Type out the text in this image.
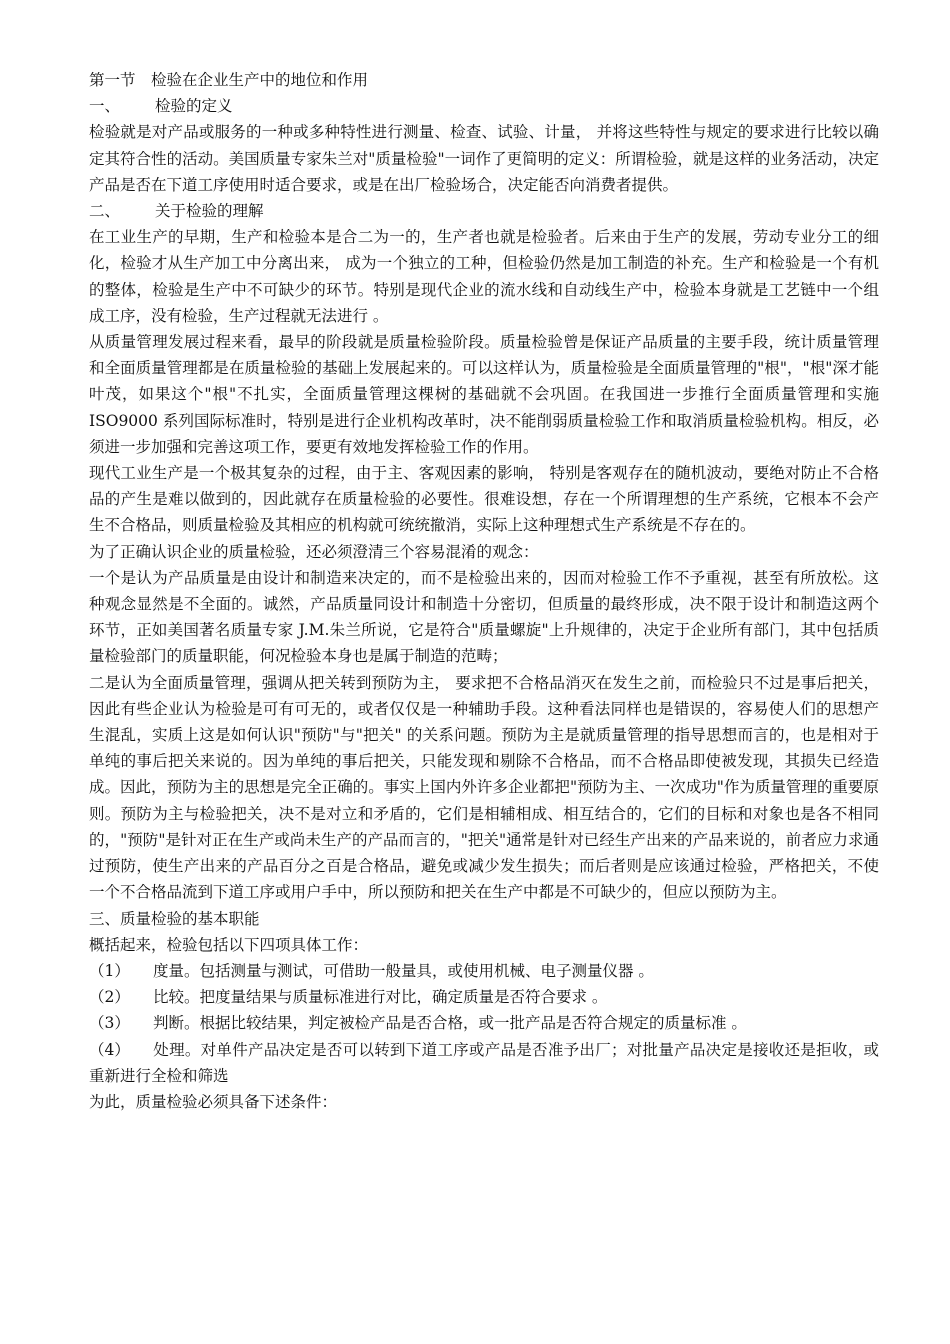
第一节　检验在企业生产中的地位和作用

一、 检验的定义

检验就是对产品或服务的一种或多种特性进行测量、检查、试验、计量， 并将这些特性与规定的要求进行比较以确定其符合性的活动。美国质量专家朱兰对"质量检验"一词作了更简明的定义：所谓检验，就是这样的业务活动，决定产品是否在下道工序使用时适合要求，或是在出厂检验场合，决定能否向消费者提供。

二、 关于检验的理解

在工业生产的早期，生产和检验本是合二为一的，生产者也就是检验者。后来由于生产的发展，劳动专业分工的细化，检验才从生产加工中分离出来， 成为一个独立的工种，但检验仍然是加工制造的补充。生产和检验是一个有机的整体，检验是生产中不可缺少的环节。特别是现代企业的流水线和自动线生产中，检验本身就是工艺链中一个组成工序，没有检验，生产过程就无法进行 。

从质量管理发展过程来看，最早的阶段就是质量检验阶段。质量检验曾是保证产品质量的主要手段，统计质量管理和全面质量管理都是在质量检验的基础上发展起来的。可以这样认为，质量检验是全面质量管理的"根"，"根"深才能叶茂，如果这个"根"不扎实，全面质量管理这棵树的基础就不会巩固。在我国进一步推行全面质量管理和实施 ISO9000 系列国际标准时，特别是进行企业机构改革时，决不能削弱质量检验工作和取消质量检验机构。相反，必须进一步加强和完善这项工作，要更有效地发挥检验工作的作用。

现代工业生产是一个极其复杂的过程，由于主、客观因素的影响， 特别是客观存在的随机波动，要绝对防止不合格品的产生是难以做到的，因此就存在质量检验的必要性。很难设想，存在一个所谓理想的生产系统，它根本不会产生不合格品，则质量检验及其相应的机构就可统统撤消，实际上这种理想式生产系统是不存在的。

为了正确认识企业的质量检验，还必须澄清三个容易混淆的观念：

一个是认为产品质量是由设计和制造来决定的，而不是检验出来的，因而对检验工作不予重视，甚至有所放松。这种观念显然是不全面的。诚然，产品质量同设计和制造十分密切，但质量的最终形成，决不限于设计和制造这两个环节，正如美国著名质量专家 J.M.朱兰所说，它是符合"质量螺旋"上升规律的，决定于企业所有部门，其中包括质量检验部门的质量职能，何况检验本身也是属于制造的范畴；

二是认为全面质量管理，强调从把关转到预防为主， 要求把不合格品消灭在发生之前，而检验只不过是事后把关，因此有些企业认为检验是可有可无的，或者仅仅是一种辅助手段。这种看法同样也是错误的，容易使人们的思想产生混乱，实质上这是如何认识"预防"与"把关" 的关系问题。预防为主是就质量管理的指导思想而言的，也是相对于单纯的事后把关来说的。因为单纯的事后把关，只能发现和剔除不合格品，而不合格品即使被发现，其损失已经造成。因此，预防为主的思想是完全正确的。事实上国内外许多企业都把"预防为主、一次成功"作为质量管理的重要原则。预防为主与检验把关，决不是对立和矛盾的，它们是相辅相成、相互结合的，它们的目标和对象也是各不相同的，"预防"是针对正在生产或尚未生产的产品而言的，"把关"通常是针对已经生产出来的产品来说的，前者应力求通过预防，使生产出来的产品百分之百是合格品，避免或减少发生损失；而后者则是应该通过检验，严格把关，不使一个不合格品流到下道工序或用户手中，所以预防和把关在生产中都是不可缺少的，但应以预防为主。

三、质量检验的基本职能

概括起来，检验包括以下四项具体工作：

（1） 度量。包括测量与测试，可借助一般量具，或使用机械、电子测量仪器 。

（2） 比较。把度量结果与质量标准进行对比，确定质量是否符合要求 。

（3） 判断。根据比较结果，判定被检产品是否合格，或一批产品是否符合规定的质量标准 。

（4） 处理。对单件产品决定是否可以转到下道工序或产品是否准予出厂；对批量产品决定是接收还是拒收，或重新进行全检和筛选

为此，质量检验必须具备下述条件：
